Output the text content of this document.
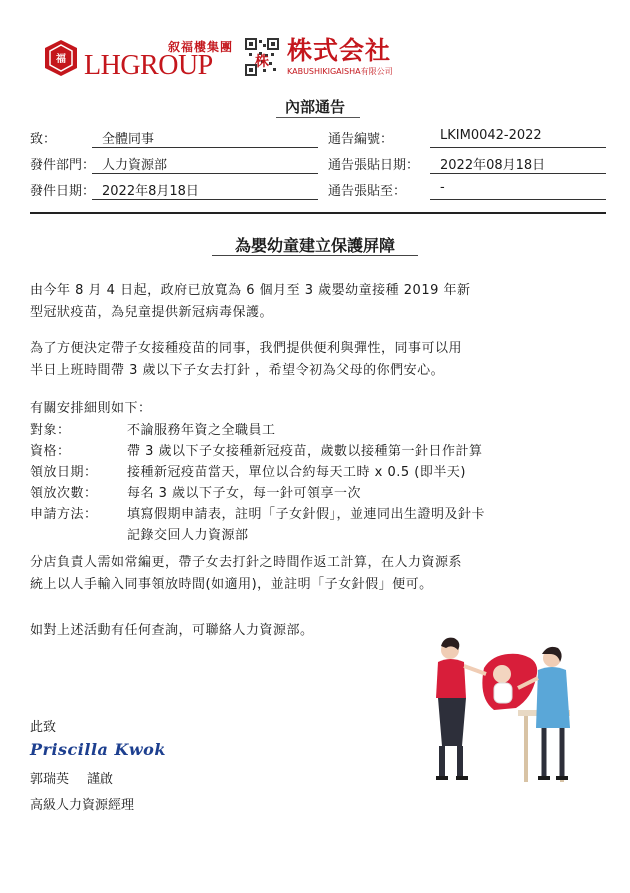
福
叙福樓集團
LHGROUP	株 株式会社
KABUSHIKIGAISHA有限公司
內部通告
致：	全體同事	通告編號：	LKIM0042-2022
發件部門： 人力資源部	通告張貼日期： 2022年08月18日
發件日期： 2022年8月18日	通告張貼至：	-
為嬰幼童建立保護屏障
由今年 8 月 4 日起，政府已放寬為 6 個月至 3 歲嬰幼童接種 2019 年新
型冠狀疫苗，為兒童提供新冠病毒保護。
為了方便決定帶子女接種疫苗的同事，我們提供便利與彈性，同事可以用
半日上班時間帶 3 歲以下子女去打針 ，希望令初為父母的你們安心。
有關安排細則如下：
對象：	不論服務年資之全職員工
資格：	帶 3 歲以下子女接種新冠疫苗，歲數以接種第一針日作計算
領放日期：	接種新冠疫苗當天，單位以合約每天工時 x 0.5 (即半天)
領放次數：	每名 3 歲以下子女，每一針可領享一次
申請方法：	填寫假期申請表，註明「子女針假」，並連同出生證明及針卡
記錄交回人力資源部
分店負責人需如常編更，帶子女去打針之時間作返工計算，在人力資源系
統上以人手輸入同事領放時間(如適用)，並註明「子女針假」便可。
如對上述活動有任何查詢，可聯絡人力資源部。
此致
Priscilla Kwok
郭瑞英 謹啟
高級人力資源經理
